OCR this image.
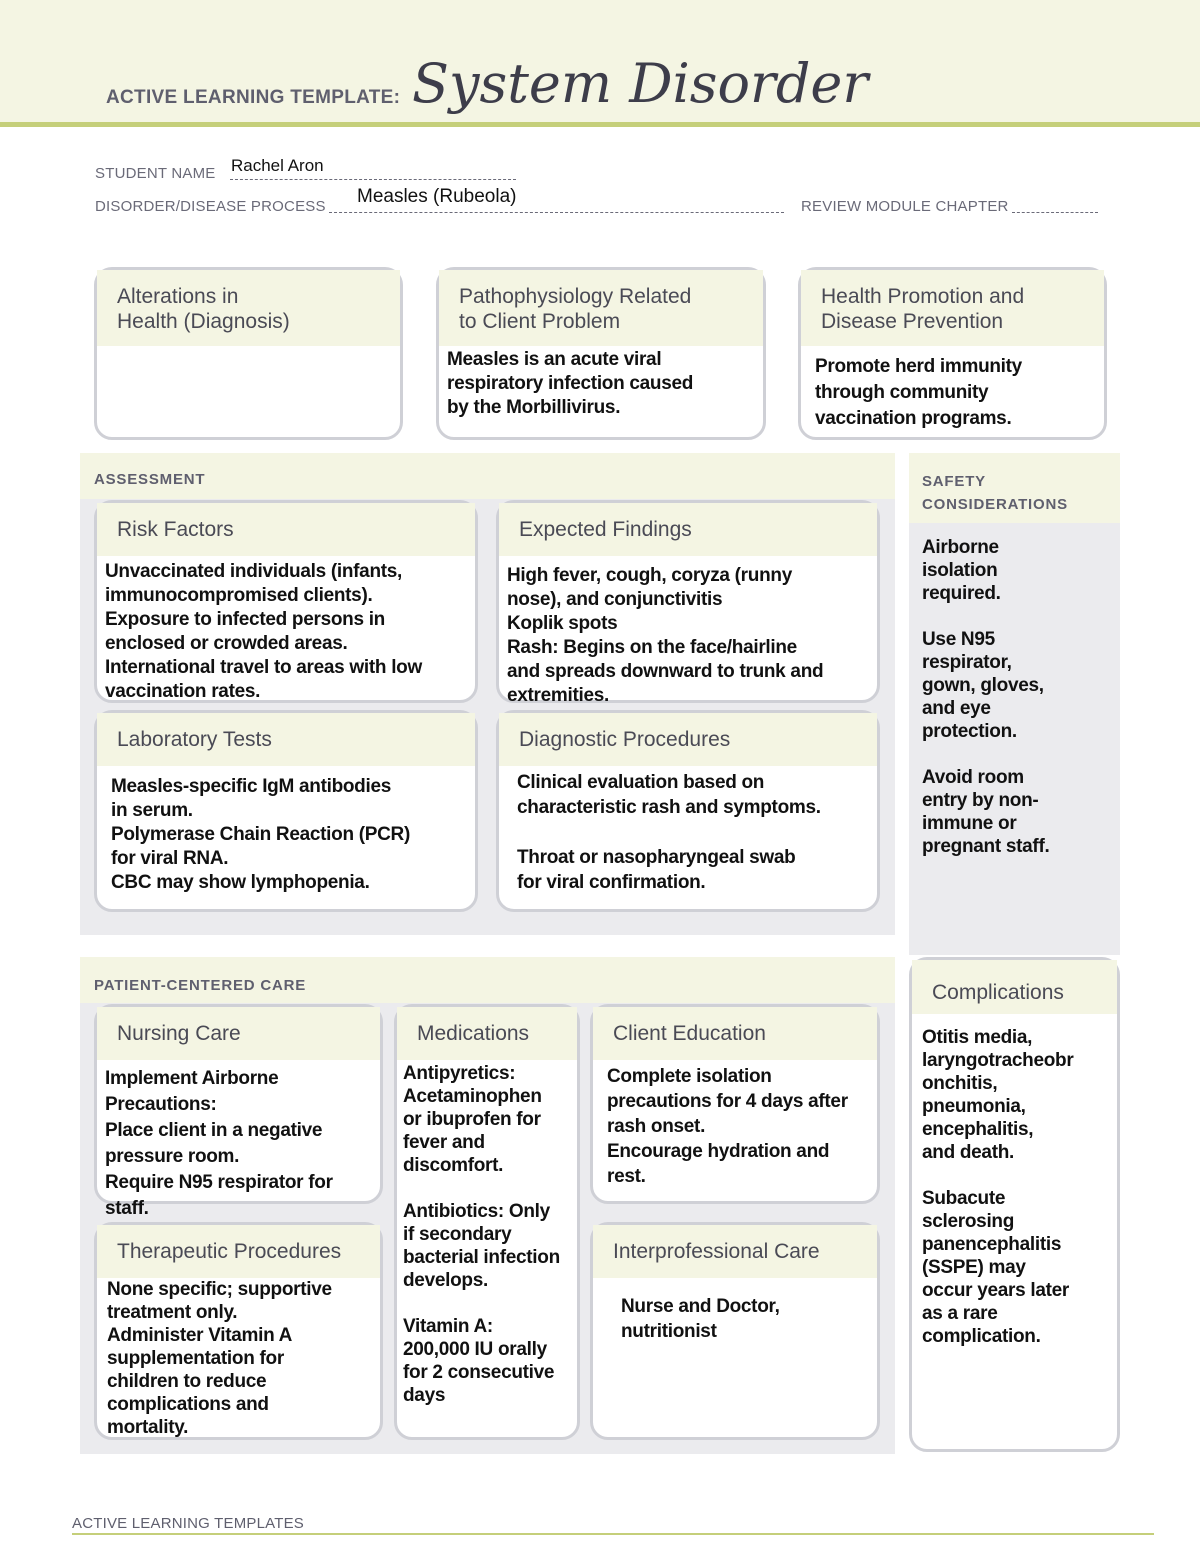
ACTIVE LEARNING TEMPLATE: System Disorder
STUDENT NAME Rachel Aron
DISORDER/DISEASE PROCESS Measles (Rubeola)	REVIEW MODULE CHAPTER
Alterations in
Health (Diagnosis)
Pathophysiology Related
to Client Problem
Measles is an acute viral
respiratory infection caused
by the Morbillivirus.
Health Promotion and
Disease Prevention
Promote herd immunity
through community
vaccination programs.
ASSESSMENT
Risk Factors
Unvaccinated individuals (infants,
immunocompromised clients).
Exposure to infected persons in
enclosed or crowded areas.
International travel to areas with low
vaccination rates.
Expected Findings
High fever, cough, coryza (runny
nose), and conjunctivitis
Koplik spots
Rash: Begins on the face/hairline
and spreads downward to trunk and
extremities.
Laboratory Tests
Measles-specific IgM antibodies
in serum.
Polymerase Chain Reaction (PCR)
for viral RNA.
CBC may show lymphopenia.
Diagnostic Procedures
Clinical evaluation based on
characteristic rash and symptoms.

Throat or nasopharyngeal swab
for viral confirmation.
SAFETY
CONSIDERATIONS
Airborne
isolation
required.

Use N95
respirator,
gown, gloves,
and eye
protection.

Avoid room
entry by non-
immune or
pregnant staff.
PATIENT-CENTERED CARE
Nursing Care
Implement Airborne
Precautions:
Place client in a negative
pressure room.
Require N95 respirator for
staff.
Medications
Antipyretics:
Acetaminophen
or ibuprofen for
fever and
discomfort.

Antibiotics: Only
if secondary
bacterial infection
develops.

Vitamin A:
200,000 IU orally
for 2 consecutive
days
Client Education
Complete isolation
precautions for 4 days after
rash onset.
Encourage hydration and
rest.
Therapeutic Procedures
None specific; supportive
treatment only.
Administer Vitamin A
supplementation for
children to reduce
complications and
mortality.
Interprofessional Care
Nurse and Doctor,
nutritionist
Complications
Otitis media,
laryngotracheobr
onchitis,
pneumonia,
encephalitis,
and death.

Subacute
sclerosing
panencephalitis
(SSPE) may
occur years later
as a rare
complication.
ACTIVE LEARNING TEMPLATES
